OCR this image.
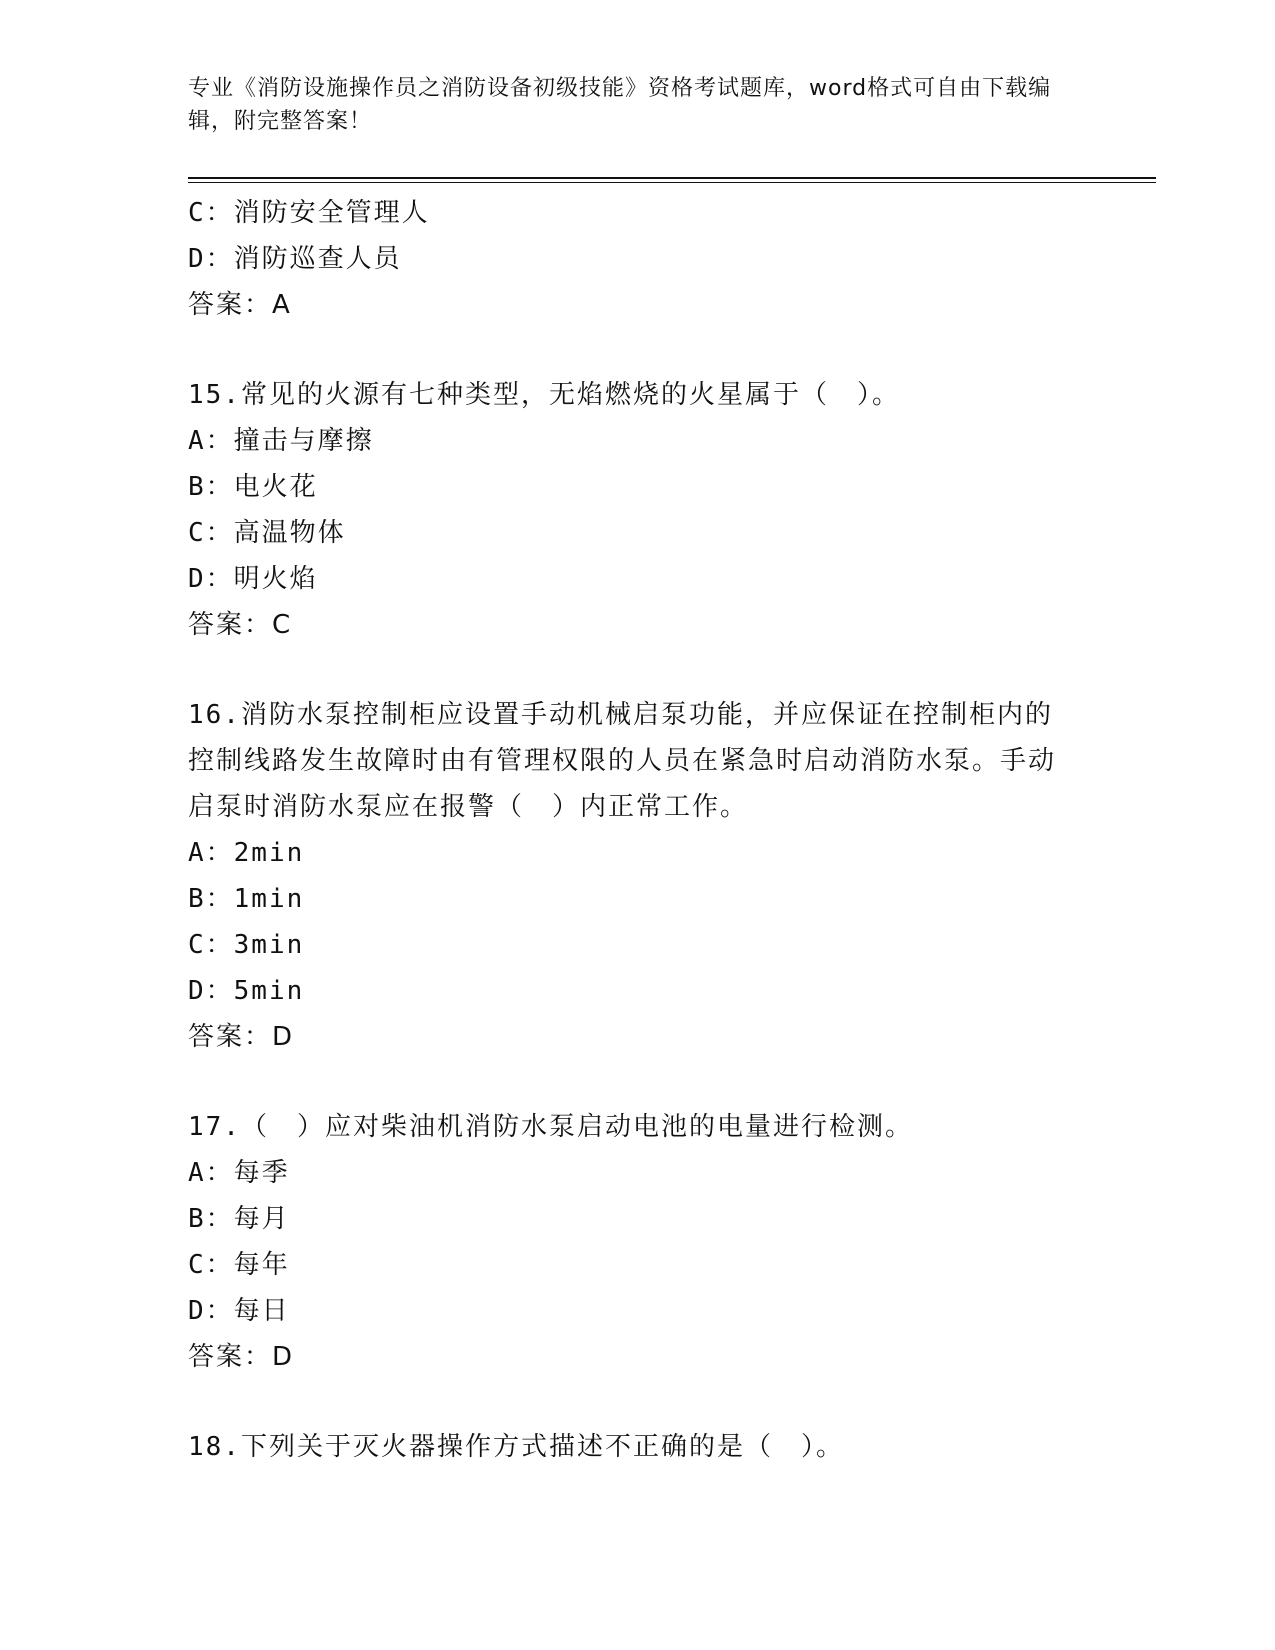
专业《消防设施操作员之消防设备初级技能》资格考试题库，word格式可自由下载编辑，附完整答案！
C：消防安全管理人
D：消防巡查人员
答案：A
15.常见的火源有七种类型，无焰燃烧的火星属于（　）。
A：撞击与摩擦
B：电火花
C：高温物体
D：明火焰
答案：C
16.消防水泵控制柜应设置手动机械启泵功能，并应保证在控制柜内的控制线路发生故障时由有管理权限的人员在紧急时启动消防水泵。手动启泵时消防水泵应在报警（　）内正常工作。
A：2min
B：1min
C：3min
D：5min
答案：D
17.（　）应对柴油机消防水泵启动电池的电量进行检测。
A：每季
B：每月
C：每年
D：每日
答案：D
18.下列关于灭火器操作方式描述不正确的是（　）。
